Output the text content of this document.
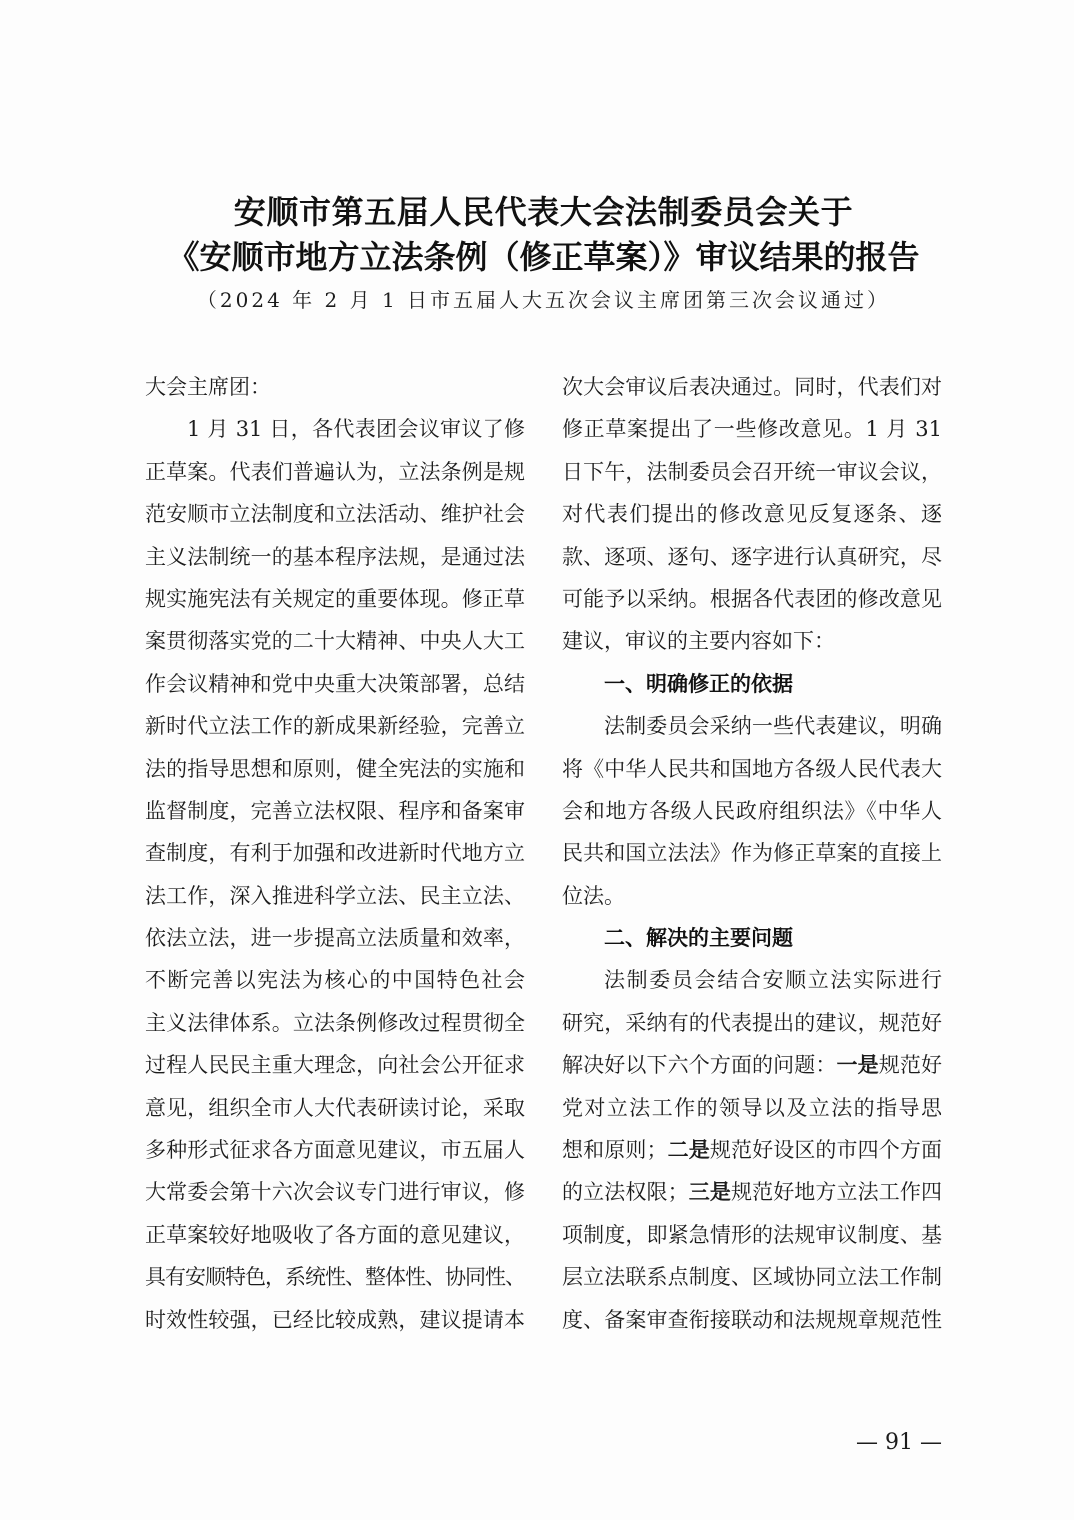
安顺市第五届人民代表大会法制委员会关于
《安顺市地方立法条例（修正草案）》审议结果的报告
（2024 年 2 月 1 日市五届人大五次会议主席团第三次会议通过）
大会主席团：
1 月 31 日，各代表团会议审议了修
正草案。代表们普遍认为，立法条例是规
范安顺市立法制度和立法活动、维护社会
主义法制统一的基本程序法规，是通过法
规实施宪法有关规定的重要体现。修正草
案贯彻落实党的二十大精神、中央人大工
作会议精神和党中央重大决策部署，总结
新时代立法工作的新成果新经验，完善立
法的指导思想和原则，健全宪法的实施和
监督制度，完善立法权限、程序和备案审
查制度，有利于加强和改进新时代地方立
法工作，深入推进科学立法、民主立法、
依法立法，进一步提高立法质量和效率，
不断完善以宪法为核心的中国特色社会
主义法律体系。立法条例修改过程贯彻全
过程人民民主重大理念，向社会公开征求
意见，组织全市人大代表研读讨论，采取
多种形式征求各方面意见建议，市五届人
大常委会第十六次会议专门进行审议，修
正草案较好地吸收了各方面的意见建议，
具有安顺特色，系统性、整体性、协同性、
时效性较强，已经比较成熟，建议提请本
次大会审议后表决通过。同时，代表们对
修正草案提出了一些修改意见。1 月 31
日下午，法制委员会召开统一审议会议，
对代表们提出的修改意见反复逐条、逐
款、逐项、逐句、逐字进行认真研究，尽
可能予以采纳。根据各代表团的修改意见
建议，审议的主要内容如下：
一、明确修正的依据
法制委员会采纳一些代表建议，明确
将《中华人民共和国地方各级人民代表大
会和地方各级人民政府组织法》《中华人
民共和国立法法》作为修正草案的直接上
位法。
二、解决的主要问题
法制委员会结合安顺立法实际进行
研究，采纳有的代表提出的建议，规范好
解决好以下六个方面的问题：一是规范好
党对立法工作的领导以及立法的指导思
想和原则；二是规范好设区的市四个方面
的立法权限；三是规范好地方立法工作四
项制度，即紧急情形的法规审议制度、基
层立法联系点制度、区域协同立法工作制
度、备案审查衔接联动和法规规章规范性
— 91 —
